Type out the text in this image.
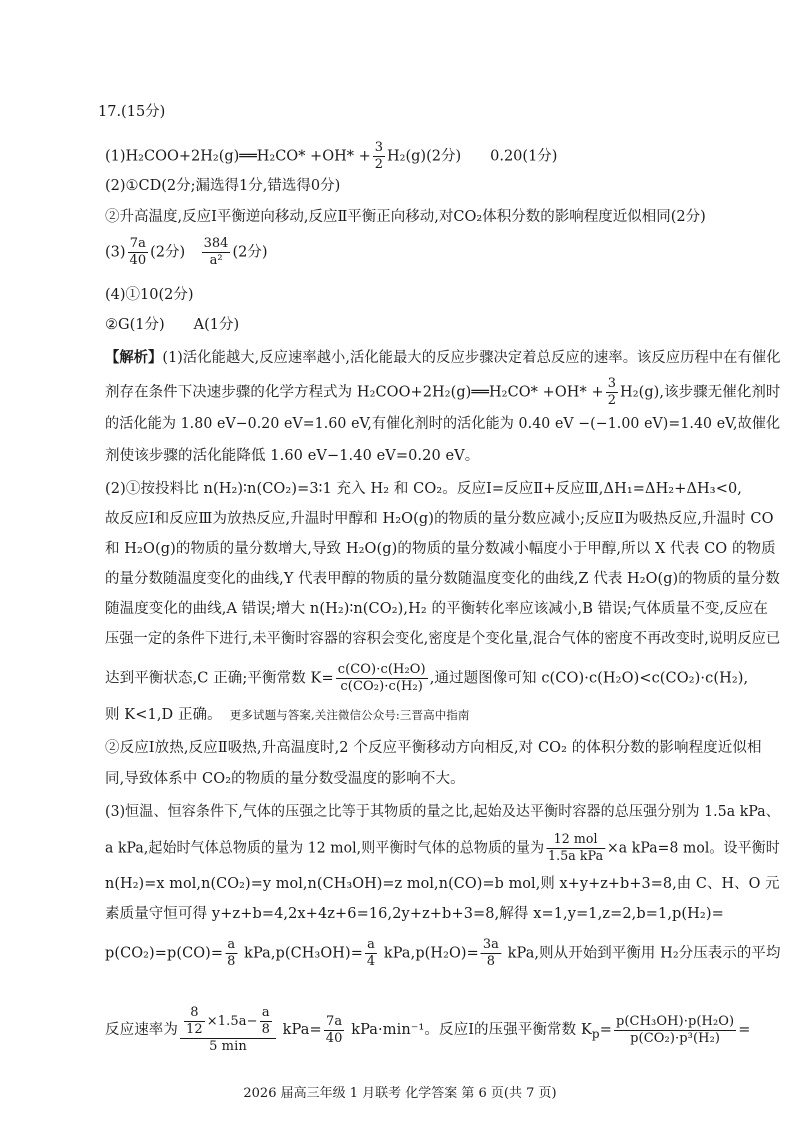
17.(15分)
(1)H₂COO+2H₂(g)══H₂CO* $+OH* + \frac{3}{2} H_2(g)(2$分)　　0.20(1分)
(2)①CD(2分;漏选得1分,错选得0分)
②升高温度,反应Ⅰ平衡逆向移动,反应Ⅱ平衡正向移动,对CO₂体积分数的影响程度近似相同(2分)
$(3) \frac{7a}{40} (2$分)　 $\frac{384}{\text{a²}} (2$分)
(4)①10(2分)
②G(1分)　　A(1分)
【解析】(1)活化能越大,反应速率越小,活化能最大的反应步骤决定着总反应的速率。该反应历程中在有催化
剂存在条件下决速步骤的化学方程式为 H₂COO+2H₂(g)══H₂CO* $+OH* + \frac{3}{2} H_2(g)$,该步骤无催化剂时
的活化能为 1.80 eV−0.20 eV=1.60 eV,有催化剂时的活化能为 0.40 eV −(−1.00 eV)=1.40 eV,故催化
剂使该步骤的活化能降低 1.60 eV−1.40 eV=0.20 eV。
(2)①按投料比 n(H₂)∶n(CO₂)=3∶1 充入 H₂ 和 CO₂。反应Ⅰ=反应Ⅱ+反应Ⅲ,ΔH₁=ΔH₂+ΔH₃<0,
故反应Ⅰ和反应Ⅲ为放热反应,升温时甲醇和 H₂O(g)的物质的量分数应减小;反应Ⅱ为吸热反应,升温时 CO
和 H₂O(g)的物质的量分数增大,导致 H₂O(g)的物质的量分数减小幅度小于甲醇,所以 X 代表 CO 的物质
的量分数随温度变化的曲线,Y 代表甲醇的物质的量分数随温度变化的曲线,Z 代表 H₂O(g)的物质的量分数
随温度变化的曲线,A 错误;增大 n(H₂)∶n(CO₂),H₂ 的平衡转化率应该减小,B 错误;气体质量不变,反应在
压强一定的条件下进行,未平衡时容器的容积会变化,密度是个变化量,混合气体的密度不再改变时,说明反应已
达到平衡状态,C 正确;平衡常数 $K= \frac{\text{c(CO)·c(H₂O)}}{\text{c(CO₂)·c(H₂)}}$ ,通过题图像可知 c(CO)·c(H₂O)<c(CO₂)·c(H₂),
则 K<1,D 正确。 更多试题与答案,关注微信公众号:三晋高中指南
②反应Ⅰ放热,反应Ⅱ吸热,升高温度时,2 个反应平衡移动方向相反,对 CO₂ 的体积分数的影响程度近似相
同,导致体系中 CO₂的物质的量分数受温度的影响不大。
(3)恒温、恒容条件下,气体的压强之比等于其物质的量之比,起始及达平衡时容器的总压强分别为 1.5a kPa、
a kPa,起始时气体总物质的量为 12 mol,则平衡时气体的总物质的量为 $\frac{\text{12 mol}}{\text{1.5a kPa}} \times a$ kPa=8 mol。设平衡时
n(H₂)=x mol,n(CO₂)=y mol,n(CH₃OH)=z mol,n(CO)=b mol,则 x+y+z+b+3=8,由 C、H、O 元
素质量守恒可得 y+z+b=4,2x+4z+6=16,2y+z+b+3=8,解得 x=1,y=1,z=2,b=1,p(H₂)=
$p(CO_2)=p(CO)= \frac{a}{8} kPa,p(CH_3OH)= \frac{a}{4} kPa,p(H_2O)= \frac{3a}{8}$ kPa,则从开始到平衡用 H₂分压表示的平均
反应速率为 $\frac{\frac{8}{12} \times 1.5a- \frac{a}{8}}{5 \min} kPa= \frac{7a}{40} kPa\cdot\min^{-1}$。反应Ⅰ的压强平衡常数 $K_p= \frac{\text{p(CH₃OH)·p(H₂O)}}{\text{p(CO₂)·p³(H₂)}}$ =
2026 届高三年级 1 月联考 化学答案 第 6 页(共 7 页)
